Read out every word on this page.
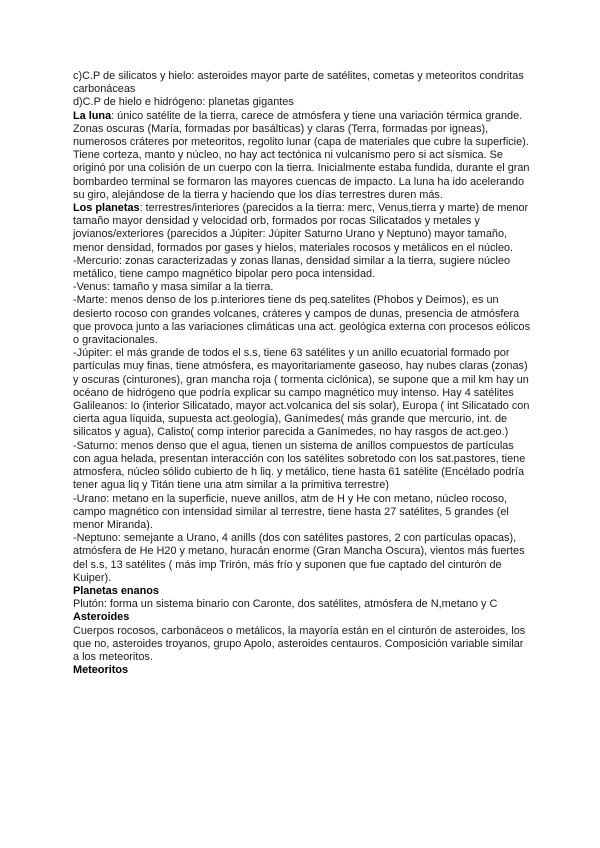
c)C.P de silicatos y hielo: asteroides mayor parte de satélites, cometas y meteoritos condritas carbonáceas

d)C.P de hielo e hidrógeno: planetas gigantes

La luna: único satélite de la tierra, carece de atmósfera y tiene una variación térmica grande. Zonas oscuras (María, formadas por basálticas) y claras (Terra, formadas por igneas), numerosos cráteres por meteoritos, regolito lunar (capa de materiales que cubre la superficie). Tiene corteza, manto y núcleo, no hay act tectónica ni vulcanismo pero si act sísmica. Se originó por una colisión de un cuerpo con la tierra. Inicialmente estaba fundida, durante el gran bombardeo terminal se formaron las mayores cuencas de impacto. La luna ha ido acelerando su giro, alejándose de la tierra y haciendo que los días terrestres duren más.

Los planetas: terrestres/interiores (parecidos a la tierra: merc, Venus,tierra y marte) de menor tamaño mayor densidad y velocidad orb, formados por rocas Silicatados y metales y jovianos/exteriores (parecidos a Júpiter: Júpiter Saturno Urano y Neptuno) mayor tamaño, menor densidad, formados por gases y hielos, materiales rocosos y metálicos en el núcleo.

-Mercurio: zonas caracterizadas y zonas llanas, densidad similar a la tierra, sugiere núcleo metálico, tiene campo magnético bipolar pero poca intensidad.

-Venus: tamaño y masa similar a la tierra.

-Marte: menos denso de los p.interiores tiene ds peq.satelites (Phobos y Deimos), es un desierto rocoso con grandes volcanes, cráteres y campos de dunas, presencia de atmósfera que provoca junto a las variaciones climáticas una act. geológica externa con procesos eólicos o gravitacionales.

-Júpiter: el más grande de todos el s.s, tiene 63 satélites y un anillo ecuatorial formado por partículas muy finas, tiene atmósfera, es mayoritariamente gaseoso, hay nubes claras (zonas) y oscuras (cinturones), gran mancha roja ( tormenta ciclónica), se supone que a mil km hay un océano de hidrógeno que podría explicar su campo magnético muy intenso. Hay 4 satélites Galileanos: Io (interior Silicatado, mayor act.volcanica del sis solar), Europa ( int Silicatado con cierta agua líquida, supuesta act.geología), Ganímedes( más grande que mercurio, int. de silicatos y agua), Calisto( comp interior parecida a Ganímedes, no hay rasgos de act.geo.)

-Saturno: menos denso que el agua, tienen un sistema de anillos compuestos de partículas con agua helada, presentan interacción con los satélites sobretodo con los sat.pastores, tiene atmosfera, núcleo sólido cubierto de h liq. y metálico, tiene hasta 61 satélite (Encélado podría tener agua liq y Titán tiene una atm similar a la primitiva terrestre)

-Urano: metano en la superficie, nueve anillos, atm de H y He con metano, núcleo rocoso, campo magnético con intensidad similar al terrestre, tiene hasta 27 satélites, 5 grandes (el menor Miranda).

-Neptuno: semejante a Urano, 4 anills (dos con satélites pastores, 2 con partículas opacas), atmósfera de He H20 y metano, huracán enorme (Gran Mancha Oscura), vientos más fuertes del s.s, 13 satélites ( más imp Trirón, más frío y suponen que fue captado del cinturón de Kuiper).

Planetas enanos

Plutón: forma un sistema binario con Caronte, dos satélites, atmósfera de N,metano y C

Asteroides

Cuerpos rocosos, carbonáceos o metálicos, la mayoría están en el cinturón de asteroides, los que no, asteroides troyanos, grupo Apolo, asteroides centauros. Composición variable similar a los meteoritos.

Meteoritos
